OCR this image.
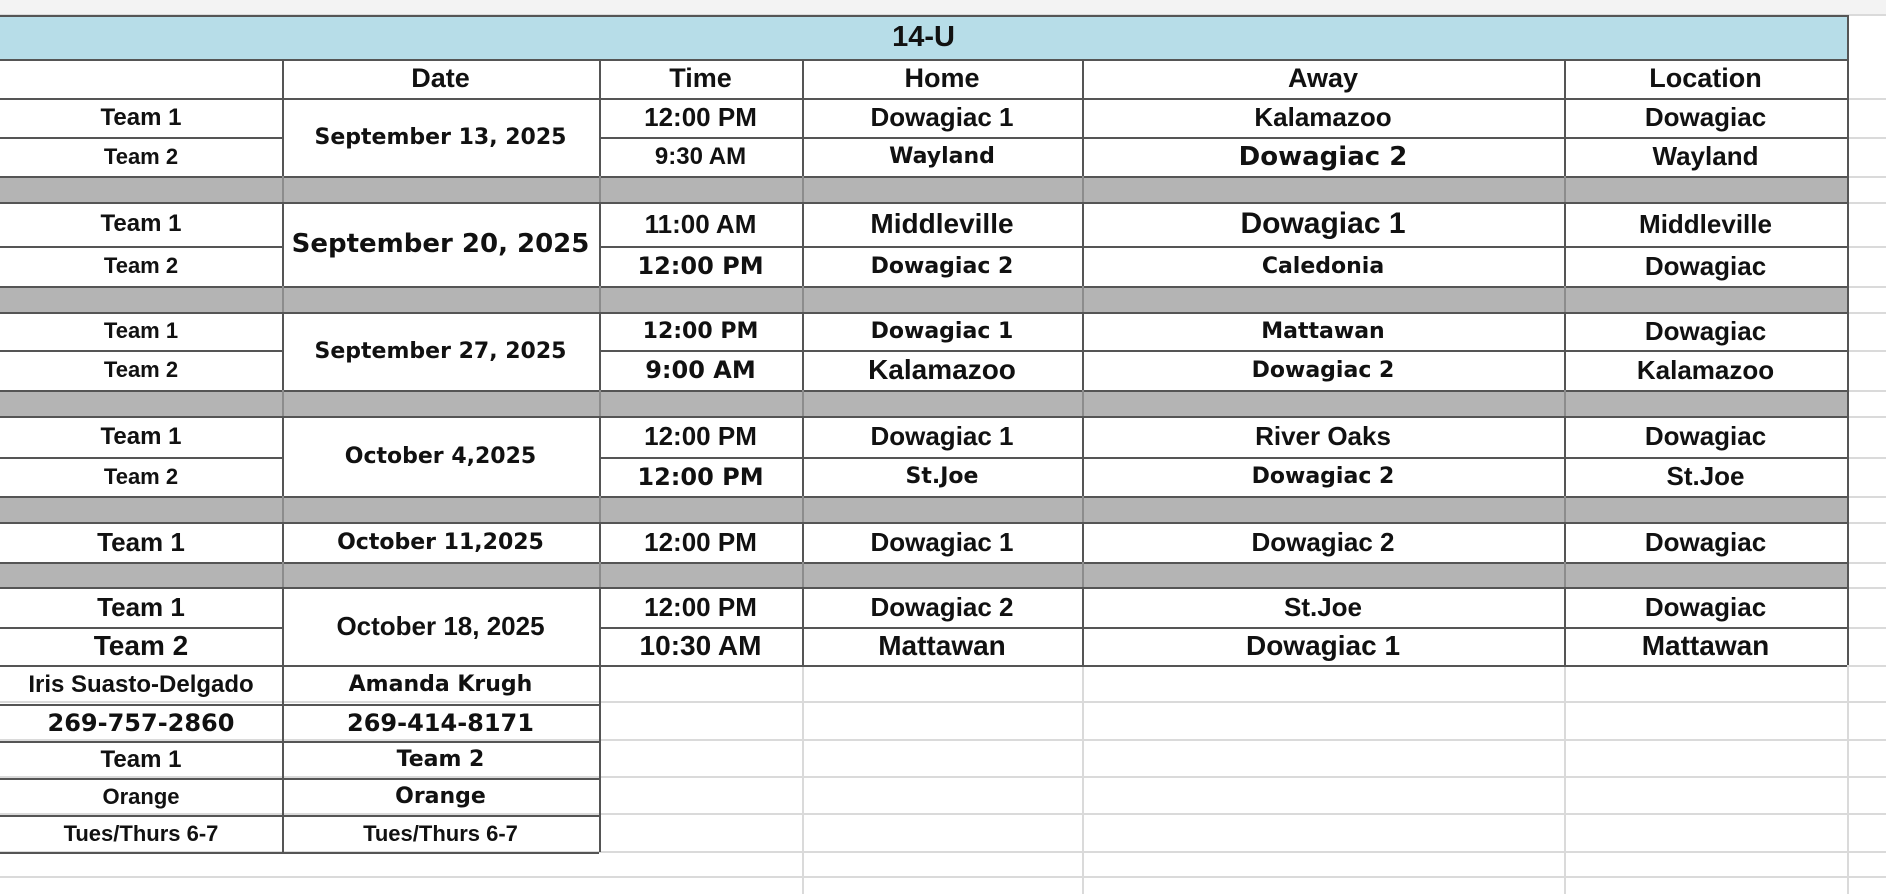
14-U
Date	Time	Home	Away	Location
September 13, 2025
Team 1	12:00 PM	Dowagiac 1	Kalamazoo	Dowagiac
Team 2	9:30 AM	Wayland	Dowagiac 2	Wayland
September 20, 2025
Team 1	11:00 AM	Middleville	Dowagiac 1	Middleville
Team 2	12:00 PM	Dowagiac 2	Caledonia	Dowagiac
September 27, 2025
Team 1	12:00 PM	Dowagiac 1	Mattawan	Dowagiac
Team 2	9:00 AM	Kalamazoo	Dowagiac 2	Kalamazoo
October 4,2025
Team 1	12:00 PM	Dowagiac 1	River Oaks	Dowagiac
Team 2	12:00 PM	St.Joe	Dowagiac 2	St.Joe
October 11,2025
Team 1	12:00 PM	Dowagiac 1	Dowagiac 2	Dowagiac
October 18, 2025
Team 1	12:00 PM	Dowagiac 2	St.Joe	Dowagiac
Team 2	10:30 AM	Mattawan	Dowagiac 1	Mattawan
Iris Suasto-Delgado	Amanda Krugh
269-757-2860	269-414-8171
Team 1	Team 2
Orange	Orange
Tues/Thurs 6-7	Tues/Thurs 6-7
